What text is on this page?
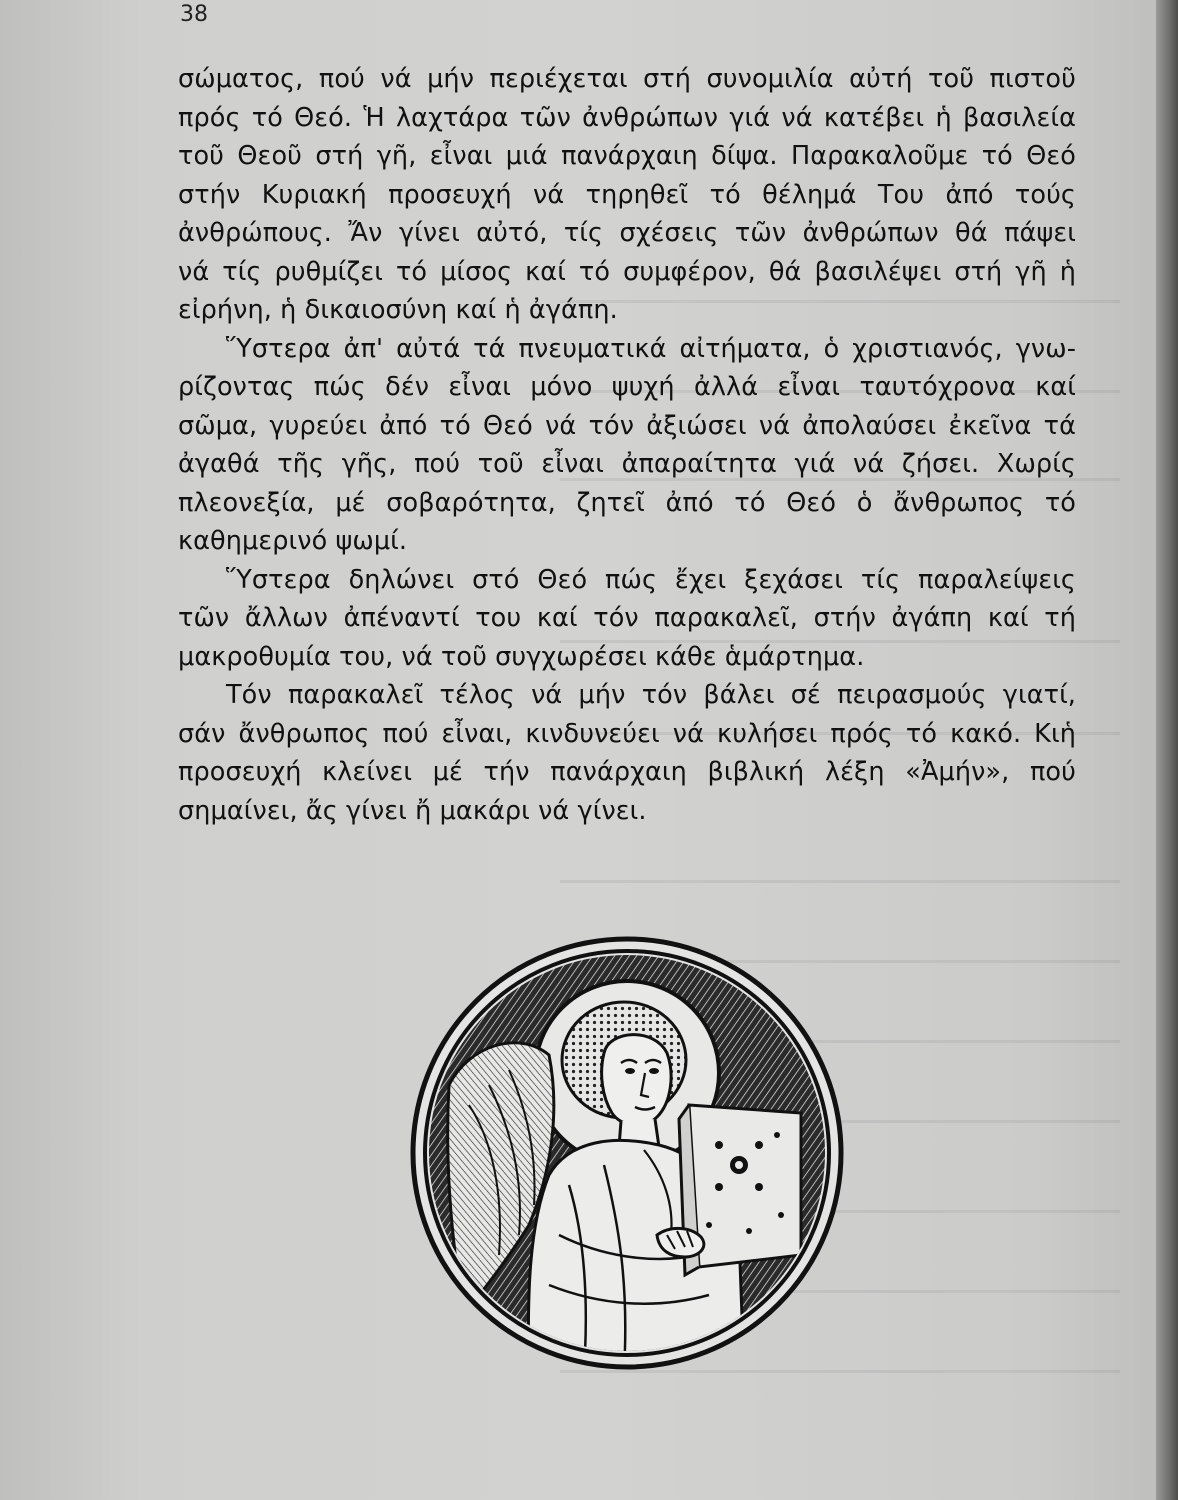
38
σώματος, πού νά μήν περιέχεται στή συνομιλία αὐτή τοῦ πιστοῦ
πρός τό Θεό. Ἡ λαχτάρα τῶν ἀνθρώπων γιά νά κατέβει ἡ βασιλεία
τοῦ Θεοῦ στή γῆ, εἶναι μιά πανάρχαιη δίψα. Παρακαλοῦμε τό Θεό
στήν Κυριακή προσευχή νά τηρηθεῖ τό θέλημά Του ἀπό τούς
ἀνθρώπους. Ἄν γίνει αὐτό, τίς σχέσεις τῶν ἀνθρώπων θά πάψει
νά τίς ρυθμίζει τό μίσος καί τό συμφέρον, θά βασιλέψει στή γῆ ἡ
εἰρήνη, ἡ δικαιοσύνη καί ἡ ἀγάπη.
Ὕστερα ἀπ' αὐτά τά πνευματικά αἰτήματα, ὁ χριστιανός, γνω-
ρίζοντας πώς δέν εἶναι μόνο ψυχή ἀλλά εἶναι ταυτόχρονα καί
σῶμα, γυρεύει ἀπό τό Θεό νά τόν ἀξιώσει νά ἀπολαύσει ἐκεῖνα τά
ἀγαθά τῆς γῆς, πού τοῦ εἶναι ἀπαραίτητα γιά νά ζήσει. Χωρίς
πλεονεξία, μέ σοβαρότητα, ζητεῖ ἀπό τό Θεό ὁ ἄνθρωπος τό
καθημερινό ψωμί.
Ὕστερα δηλώνει στό Θεό πώς ἔχει ξεχάσει τίς παραλείψεις
τῶν ἄλλων ἀπέναντί του καί τόν παρακαλεῖ, στήν ἀγάπη καί τή
μακροθυμία του, νά τοῦ συγχωρέσει κάθε ἁμάρτημα.
Τόν παρακαλεῖ τέλος νά μήν τόν βάλει σέ πειρασμούς γιατί,
σάν ἄνθρωπος πού εἶναι, κινδυνεύει νά κυλήσει πρός τό κακό. Κιἡ
προσευχή κλείνει μέ τήν πανάρχαιη βιβλική λέξη «Ἀμήν», πού
σημαίνει, ἄς γίνει ἤ μακάρι νά γίνει.
